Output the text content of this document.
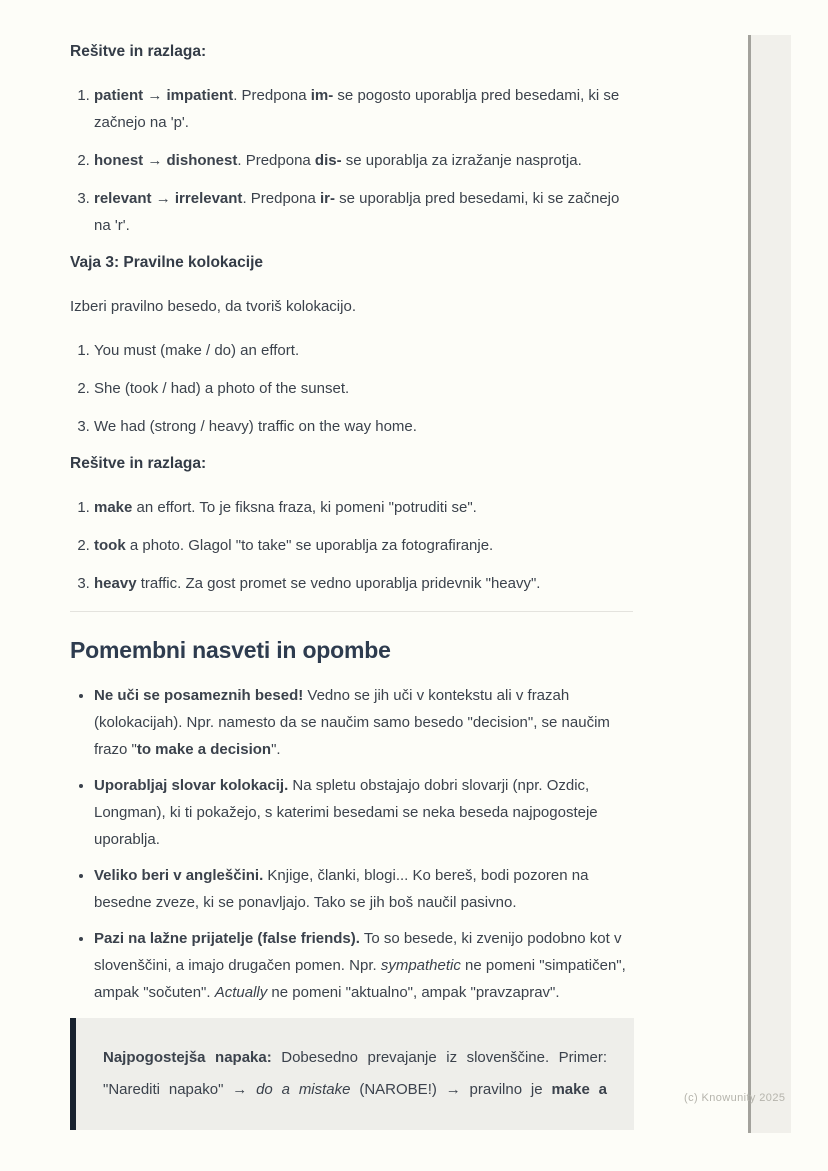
Rešitve in razlaga:
1. patient → impatient. Predpona im- se pogosto uporablja pred besedami, ki se začnejo na 'p'.
2. honest → dishonest. Predpona dis- se uporablja za izražanje nasprotja.
3. relevant → irrelevant. Predpona ir- se uporablja pred besedami, ki se začnejo na 'r'.
Vaja 3: Pravilne kolokacije

Izberi pravilno besedo, da tvoriš kolokacijo.

1. You must (make / do) an effort.
2. She (took / had) a photo of the sunset.
3. We had (strong / heavy) traffic on the way home.
Rešitve in razlaga:
1. make an effort. To je fiksna fraza, ki pomeni "potruditi se".
2. took a photo. Glagol "to take" se uporablja za fotografiranje.
3. heavy traffic. Za gost promet se vedno uporablja pridevnik "heavy".
Pomembni nasveti in opombe
• Ne uči se posameznih besed! Vedno se jih uči v kontekstu ali v frazah (kolokacijah). Npr. namesto da se naučim samo besedo "decision", se naučim frazo "to make a decision".
• Uporabljaj slovar kolokacij. Na spletu obstajajo dobri slovarji (npr. Ozdic, Longman), ki ti pokažejo, s katerimi besedami se neka beseda najpogosteje uporablja.
• Veliko beri v angleščini. Knjige, članki, blogi... Ko bereš, bodi pozoren na besedne zveze, ki se ponavljajo. Tako se jih boš naučil pasivno.
• Pazi na lažne prijatelje (false friends). To so besede, ki zvenijo podobno kot v slovenščini, a imajo drugačen pomen. Npr. sympathetic ne pomeni "simpatičen", ampak "sočuten". Actually ne pomeni "aktualno", ampak "pravzaprav".
Najpogostejša napaka: Dobesedno prevajanje iz slovenščine. Primer:
"Narediti napako" → do a mistake (NAROBE!) → pravilno je make a
(c) Knowunity 2025
